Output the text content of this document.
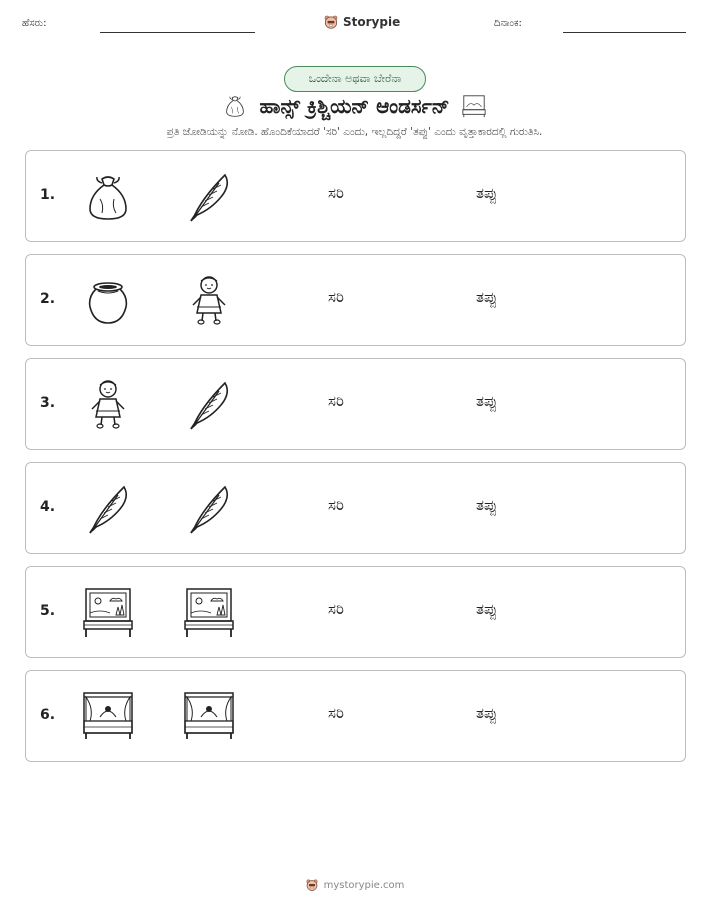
ಹೆಸರು:	Storypie	ದಿನಾಂಕ:
ಒಂದೇನಾ ಅಥವಾ ಬೇರೆನಾ
ಹಾನ್ಸ್ ಕ್ರಿಶ್ಚಿಯನ್ ಆಂಡರ್ಸನ್
ಪ್ರತಿ ಜೋಡಿಯನ್ನು ನೋಡಿ. ಹೊಂದಿಕೆಯಾದರೆ 'ಸರಿ' ಎಂದು, ಇಲ್ಲದಿದ್ದರೆ 'ತಪ್ಪು' ಎಂದು ವೃತ್ತಾಕಾರದಲ್ಲಿ ಗುರುತಿಸಿ.
1.	ಸರಿ	ತಪ್ಪು
2.	ಸರಿ	ತಪ್ಪು
3.	ಸರಿ	ತಪ್ಪು
4.	ಸರಿ	ತಪ್ಪು
5.	ಸರಿ	ತಪ್ಪು
6.	ಸರಿ	ತಪ್ಪು
mystorypie.com
